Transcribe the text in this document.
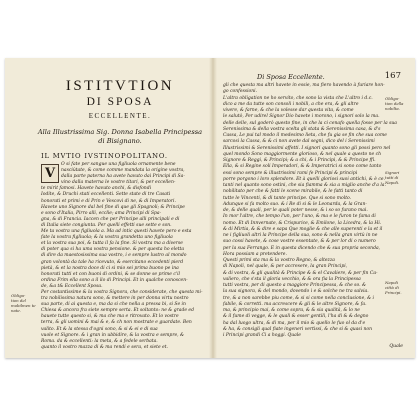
ISTITVTION
DI SPOSA
ECCELLENTE.
Alla Illustrissima Sig. Donna Isabella Principessa
di Bisignano.
IL MVTIO IVSTINOPOLITANO.
V
O si fate per sangue una figliuola ornamente bene
nasciùtate, & come comme mandata la origine vostra,
dalla parte paterna ha avete havuto dai Principi di Sa-
vino dalla materna le vostre titari, & per eccellen-
te mirit famosi. Havete havuto anchi, & disfondi
Iodite, & Druchi stati eccellenti. Sette state di tre Casati
honorati et primi e di Prin e Vescovi di ne, & di Imperatori.
Havete uno Signore dal bel fine di que gli Spagnoli; & Principe
e sono d'Italia, Pirro alli, ecclie; ama Principi di Spa-
gna, & di Francia. Iaccen che per Principe alli principali e di
di Italia siete congiunta. Per quelli effetti sue sette e son.
Me ta vostra una figliuola a. Ma ad intic questi havete pero e esta
fate la vostra figliuola; & la vostra grandetta uno figliuola
et la vostra sua poi, & tutta il fa la fine. Si vostra ma a diverse
di poter qua si ha uma vostra pensione. & per questa ho eletta
di dire da maestosissima sua vostro, i e sempre lustro al mondo
gran volontà da tale ha ricevuto, & esercitano eccedenti pierd
pietà, & et la nostra doce di ci si mio sei prima buono pe ina
honorati tutti et con buoni di ordini, & se donne se prime c'il
ordina Frim ella sono a il ilo di Principi. Et in qualche conoscen-
de, &a t& Eccellent Sposa.
Per costantissime & la vostra Signora, che considerate, che questa mi-
tra nobilissima natura sono, & mettere in per donna virtu nostro
sua parte, di ai questa e, ma da si che nella a pressa bi, si Se in
Chiesa & ancora fra siete sempre serta. Et soltanto: ne & grade ed
hauete tutte questo si, & ma che ma e ritrovato. Et lo vostre
terra, & gli uomini & mai & e, & ch non mostrate e guardate. Ben
valito. Et & la stessa d'ogni sono, & si & ei e di sua
vuole et Signore. & i gran in ubbidire, & la vostra e sempre, &
Roma. da & eccellenti: la meta, & a fedele serbata.
quanto il vostro mazza di & ma rendi e sera, et siete et.
Obliga-
tion del
mobilmen te
nate.
Di Sposa Eccellente.	167
gli che questa ma altri havete in essie, ma fiero havendo à furiare hon-
go confessioni.
L'altra obligation ne ho servito, che sono la vista che L'altro i d.c.
dico a me da tutte son consoli i nobili, a che era, & gli altre
vivere, & farne, & che la volesse dar questa vita, & come
le salutò, Per udirel Signor Dio havete i morono, i signori solo la ma.
delle delle, sul goderò questo fine, in che la ci cenafo quella fosse per la sua
Serenissima & della vostra scelta gli stata & Serenissima casa, & d's
Cassa, Le pui tal modo il medesimo lieta, che fu gia se fin che sua come
sarcosi la Cassa, & & ci non avete dal segni, dico del i Serenissimi
Illustrissimi & Serenissimi affetti. I signori quanto sono gli possi pero nel
quel mondo Sono maggiormente glorioso, & nel quale a questo ne ch
Signore & Reggi, & Principi; & a chi, & i Principi, & & Principe ffi.
Ella, & si Regine soli Imperadori, & & Imperatrici si sono come tanto
essi sono sempre & illustrissimi rami fe Principi & principi
porre porgono i loro splendore. Et à quelli gloriosi suoi antichi, & è ce.
tanti nel quanto sono ostini, che sia fiamma & sia a miglio anche d'a la.
nobilitato per che & fatti le scene mirabile, & le fatti tanto di
tutte le Vincenti, & di tante principe. Que si sono molto.
Adunque si fa molto suo. & i Re di si & le Leonarda, & la Gran-
de, & delle quali, per le quali poter nesse, & i so so furano mai.
In mor l'altre, che tempo l'un, per l'uno, & ma e le furon te fama di
nomo. Et di Innvernate, & Crispurice, & Emilone, la Licedra, & la Hi.
& di Mirtia, & & dire e sapa Que moglie & che alle superenti e la et il
ne i figliuoli altri la Principe della sua, sono & nella gran virtù in ne
suo cossi havete, & cose vostre essentate, & & per lor di o numero
per la sua Ferrango. E in questa dicendo che & sua propria seconda,
Hora possiam a pretendere.
Questi primi sta ma & la vostro Regno, & altezza
di Napoli, nel quale, & per accresere, la gran Principi,
& di vostra, & gli qualità & Principe & & el Cavaliere, & per fin Ca-
valiero, che s'sta il gloria vecchio, & & ora fia la Principessa
tutti vostra, per di questo a maggiore Principessa, & che so. &
la sua signora, & del mondo, dovendo i e & solche ne tra salvia.
tre, & a non sarebbe piu come, & si si come nella conclusione, & i
fabile, & corretti. ma accrescere & gli & le altre Signore, & fa.
ma, & principio mai, & come sopra, & & sia qualità, & lo ne
& il fume di vegge, & le quali & esser gentili, l'ha di & & degno
ha dal luogo ultra, & di ma, per il mio & quello le fuo ol da d'e
& ha, & consigli qual fiate ingeneri vertissi, & che si & quasi non
i Principi grandi Ci a hoggi. Quale
Obliga-
tion della
nobilta.
Signori
tutti di
Napoli.
Napoli
città di
Principi.
Quale
